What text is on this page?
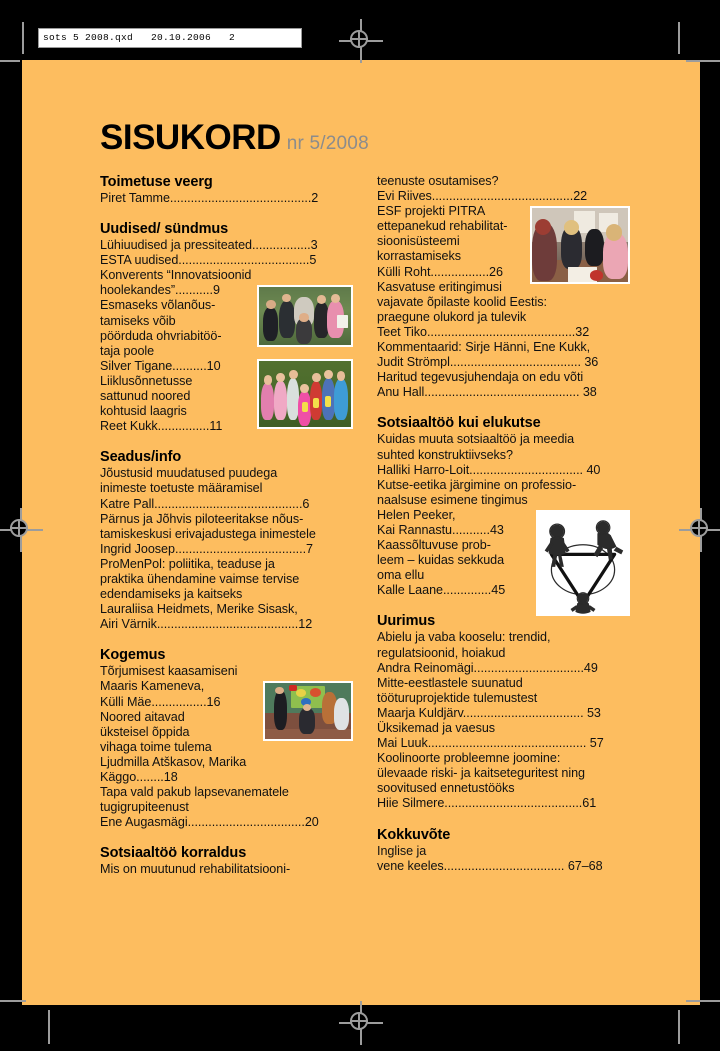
sots 5 2008.qxd   20.10.2006   2
SISUKORD nr 5/2008
Toimetuse veerg

Piret Tamme.........................................2

Uudised/ sündmus

Lühiuudised ja pressiteated.................3

ESTA uudised......................................5

Konverents “Innovatsioonid

hoolekandes”...........9

Esmaseks võlanõus-

tamiseks võib

pöörduda ohvriabitöö-

taja poole

Silver Tigane..........10

Liiklusõnnetusse

sattunud noored

kohtusid laagris

Reet Kukk...............11

Seadus/info

Jõustusid muudatused puudega

inimeste toetuste määramisel

Katre Pall...........................................6

Pärnus ja Jõhvis piloteeritakse nõus-

tamiskeskusi erivajadustega inimestele

Ingrid Joosep......................................7

ProMenPol: poliitika, teaduse ja

praktika ühendamine vaimse tervise

edendamiseks ja kaitseks

Lauraliisa Heidmets, Merike Sisask,

Airi Värnik.........................................12

Kogemus

Tõrjumisest kaasamiseni

Maaris Kameneva,

Külli Mäe................16

Noored aitavad

üksteisel õppida

vihaga toime tulema

Ljudmilla Atškasov, Marika

Käggo........18

Tapa vald pakub lapsevanematele

tugigrupiteenust

Ene Augasmägi..................................20

Sotsiaaltöö korraldus

Mis on muutunud rehabilitatsiooni-

teenuste osutamises?

Evi Riives.........................................22

ESF projekti PITRA

ettepanekud rehabilitat-

sioonisüsteemi

korrastamiseks

Külli Roht.................26

Kasvatuse eritingimusi

vajavate õpilaste koolid Eestis:

praegune olukord ja tulevik

Teet Tiko...........................................32

Kommentaarid: Sirje Hänni, Ene Kukk,

Judit Strömpl...................................... 36

Haritud tegevusjuhendaja on edu võti

Anu Hall............................................. 38

Sotsiaaltöö kui elukutse

Kuidas muuta sotsiaaltöö ja meedia

suhted konstruktiivseks?

Halliki Harro-Loit................................. 40

Kutse-eetika järgimine on professio-

naalsuse esimene tingimus

Helen Peeker,

Kai Rannastu...........43

Kaassõltuvuse prob-

leem – kuidas sekkuda

oma ellu

Kalle Laane..............45

Uurimus

Abielu ja vaba kooselu: trendid,

regulatsioonid, hoiakud

Andra Reinomägi................................49

Mitte-eestlastele suunatud

tööturuprojektide tulemustest

Maarja Kuldjärv................................... 53

Üksikemad ja vaesus

Mai Luuk.............................................. 57

Koolinoorte probleemne joomine:

ülevaade riski- ja kaitseteguritest ning

soovitused ennetustööks

Hiie Silmere........................................61

Kokkuvõte

Inglise ja

vene keeles................................... 67–68
